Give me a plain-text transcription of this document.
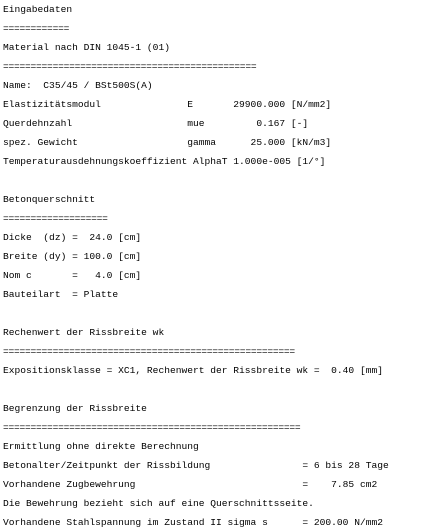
Eingabedaten
============
Material nach DIN 1045-1 (01)
==============================================
Name:  C35/45 / BSt500S(A)
Elastizitätsmodul               E       29900.000 [N/mm2]
Querdehnzahl                    mue         0.167 [-]
spez. Gewicht                   gamma      25.000 [kN/m3]
Temperaturausdehnungskoeffizient AlphaT 1.000e-005 [1/°]
Betonquerschnitt
===================
Dicke  (dz) =  24.0 [cm]
Breite (dy) = 100.0 [cm]
Nom c       =   4.0 [cm]
Bauteilart  = Platte
Rechenwert der Rissbreite wk
=====================================================
Expositionsklasse = XC1, Rechenwert der Rissbreite wk =  0.40 [mm]
Begrenzung der Rissbreite
======================================================
Ermittlung ohne direkte Berechnung
Betonalter/Zeitpunkt der Rissbildung                = 6 bis 28 Tage
Vorhandene Zugbewehrung                             =    7.85 cm2
Die Bewehrung bezieht sich auf eine Querschnittsseite.
Vorhandene Stahlspannung im Zustand II sigma s      = 200.00 N/mm2
